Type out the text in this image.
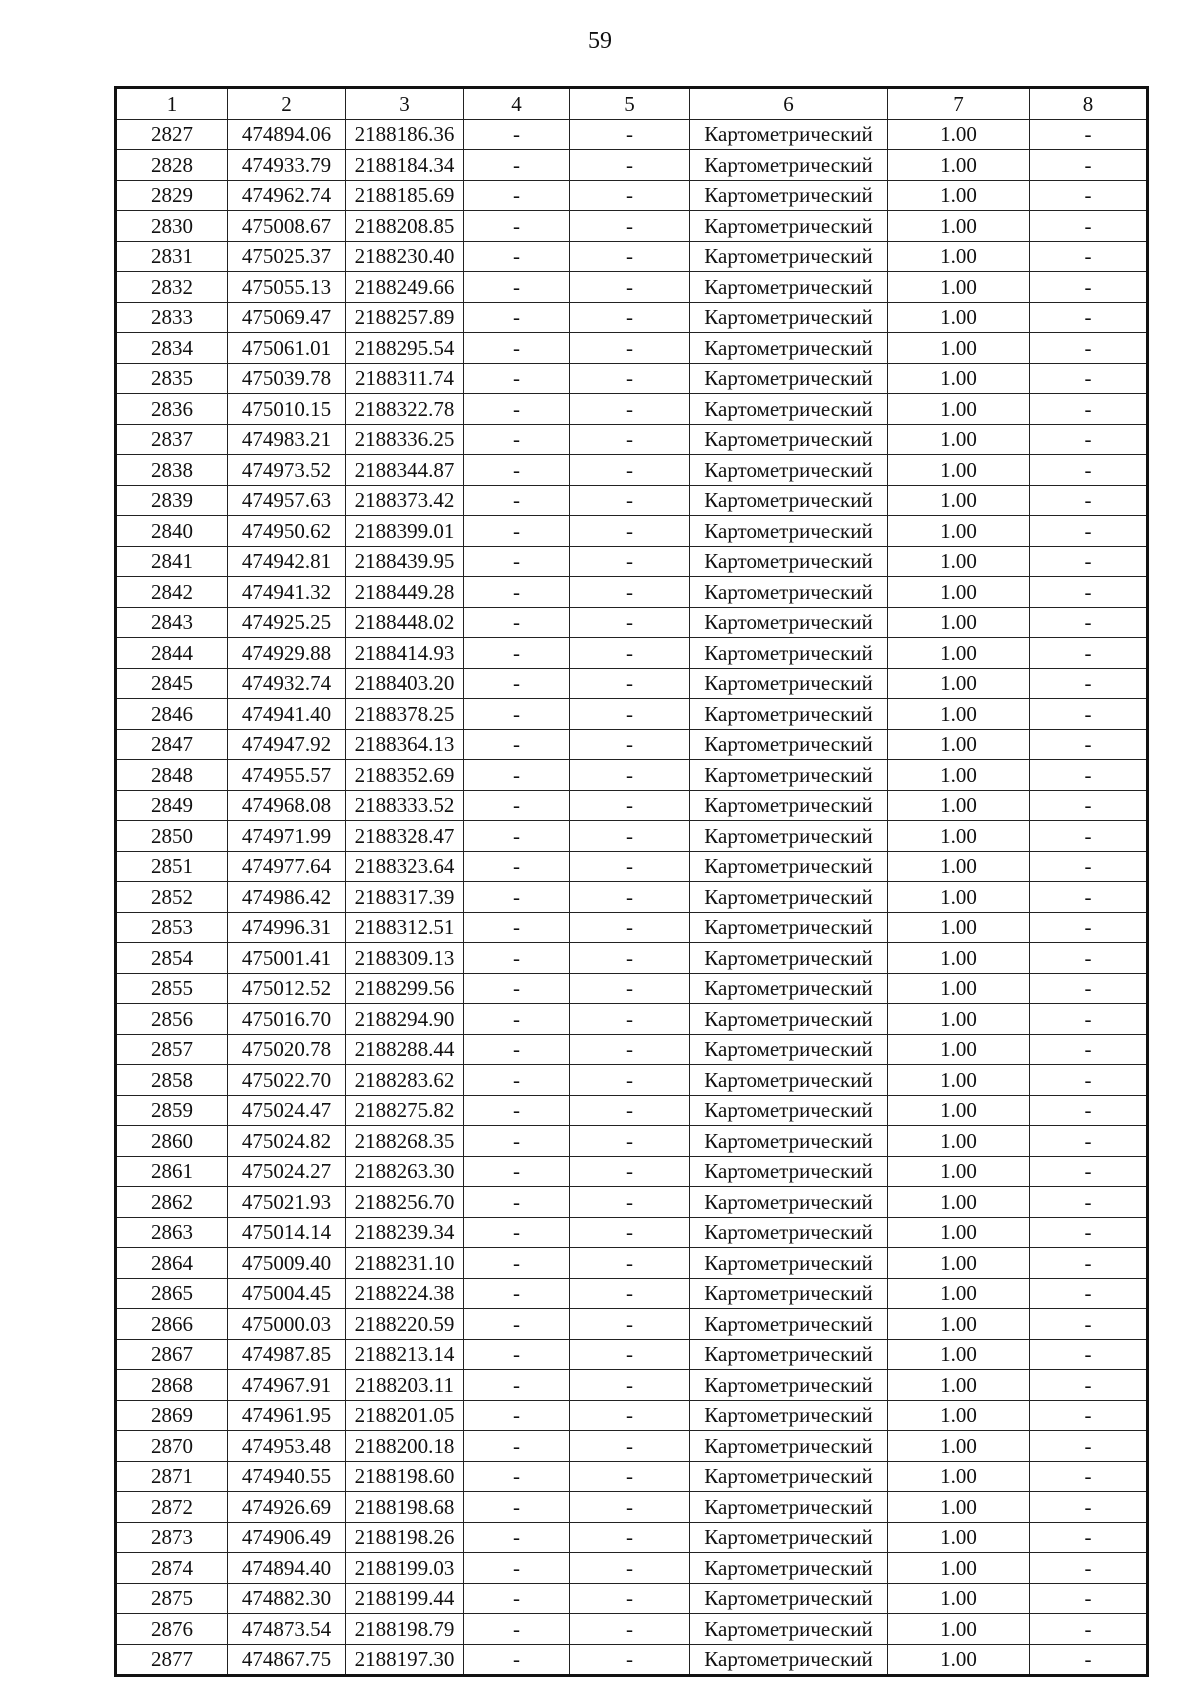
59
1	2	3	4	5	6	7	8
2827	474894.06	2188186.36	-	-	Картометрический	1.00	-
2828	474933.79	2188184.34	-	-	Картометрический	1.00	-
2829	474962.74	2188185.69	-	-	Картометрический	1.00	-
2830	475008.67	2188208.85	-	-	Картометрический	1.00	-
2831	475025.37	2188230.40	-	-	Картометрический	1.00	-
2832	475055.13	2188249.66	-	-	Картометрический	1.00	-
2833	475069.47	2188257.89	-	-	Картометрический	1.00	-
2834	475061.01	2188295.54	-	-	Картометрический	1.00	-
2835	475039.78	2188311.74	-	-	Картометрический	1.00	-
2836	475010.15	2188322.78	-	-	Картометрический	1.00	-
2837	474983.21	2188336.25	-	-	Картометрический	1.00	-
2838	474973.52	2188344.87	-	-	Картометрический	1.00	-
2839	474957.63	2188373.42	-	-	Картометрический	1.00	-
2840	474950.62	2188399.01	-	-	Картометрический	1.00	-
2841	474942.81	2188439.95	-	-	Картометрический	1.00	-
2842	474941.32	2188449.28	-	-	Картометрический	1.00	-
2843	474925.25	2188448.02	-	-	Картометрический	1.00	-
2844	474929.88	2188414.93	-	-	Картометрический	1.00	-
2845	474932.74	2188403.20	-	-	Картометрический	1.00	-
2846	474941.40	2188378.25	-	-	Картометрический	1.00	-
2847	474947.92	2188364.13	-	-	Картометрический	1.00	-
2848	474955.57	2188352.69	-	-	Картометрический	1.00	-
2849	474968.08	2188333.52	-	-	Картометрический	1.00	-
2850	474971.99	2188328.47	-	-	Картометрический	1.00	-
2851	474977.64	2188323.64	-	-	Картометрический	1.00	-
2852	474986.42	2188317.39	-	-	Картометрический	1.00	-
2853	474996.31	2188312.51	-	-	Картометрический	1.00	-
2854	475001.41	2188309.13	-	-	Картометрический	1.00	-
2855	475012.52	2188299.56	-	-	Картометрический	1.00	-
2856	475016.70	2188294.90	-	-	Картометрический	1.00	-
2857	475020.78	2188288.44	-	-	Картометрический	1.00	-
2858	475022.70	2188283.62	-	-	Картометрический	1.00	-
2859	475024.47	2188275.82	-	-	Картометрический	1.00	-
2860	475024.82	2188268.35	-	-	Картометрический	1.00	-
2861	475024.27	2188263.30	-	-	Картометрический	1.00	-
2862	475021.93	2188256.70	-	-	Картометрический	1.00	-
2863	475014.14	2188239.34	-	-	Картометрический	1.00	-
2864	475009.40	2188231.10	-	-	Картометрический	1.00	-
2865	475004.45	2188224.38	-	-	Картометрический	1.00	-
2866	475000.03	2188220.59	-	-	Картометрический	1.00	-
2867	474987.85	2188213.14	-	-	Картометрический	1.00	-
2868	474967.91	2188203.11	-	-	Картометрический	1.00	-
2869	474961.95	2188201.05	-	-	Картометрический	1.00	-
2870	474953.48	2188200.18	-	-	Картометрический	1.00	-
2871	474940.55	2188198.60	-	-	Картометрический	1.00	-
2872	474926.69	2188198.68	-	-	Картометрический	1.00	-
2873	474906.49	2188198.26	-	-	Картометрический	1.00	-
2874	474894.40	2188199.03	-	-	Картометрический	1.00	-
2875	474882.30	2188199.44	-	-	Картометрический	1.00	-
2876	474873.54	2188198.79	-	-	Картометрический	1.00	-
2877	474867.75	2188197.30	-	-	Картометрический	1.00	-
